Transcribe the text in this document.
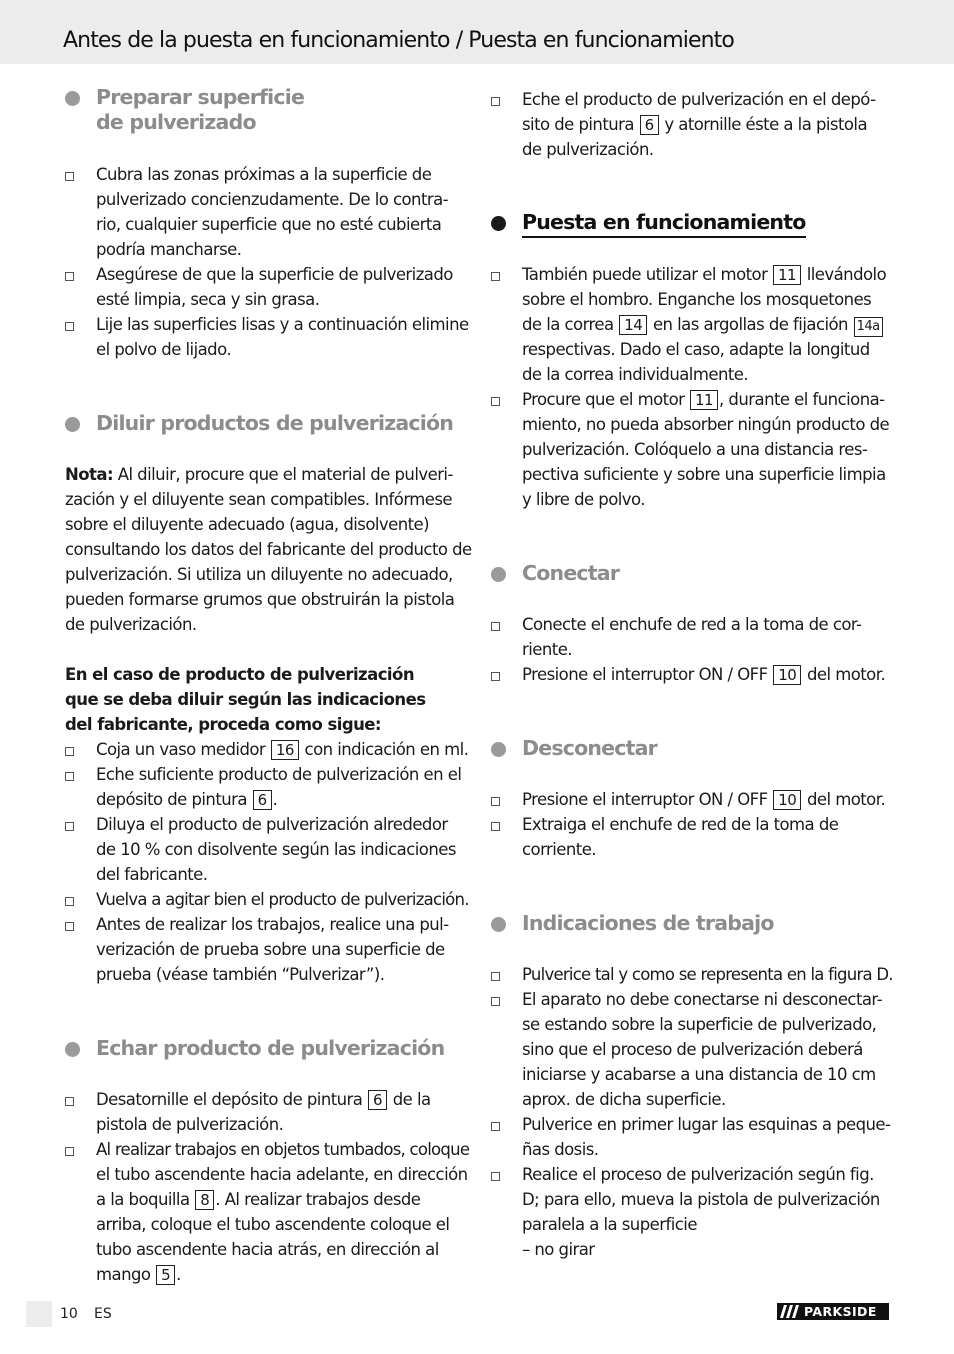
Antes de la puesta en funcionamiento / Puesta en funcionamiento
Preparar superficie
de pulverizado
Cubra las zonas próximas a la superficie de
pulverizado concienzudamente. De lo contra-
rio, cualquier superficie que no esté cubierta
podría mancharse.
Asegúrese de que la superficie de pulverizado
esté limpia, seca y sin grasa.
Lije las superficies lisas y a continuación elimine
el polvo de lijado.
Diluir productos de pulverización
Nota: Al diluir, procure que el material de pulveri-
zación y el diluyente sean compatibles. Infórmese
sobre el diluyente adecuado (agua, disolvente)
consultando los datos del fabricante del producto de
pulverización. Si utiliza un diluyente no adecuado,
pueden formarse grumos que obstruirán la pistola
de pulverización.
En el caso de producto de pulverización
que se deba diluir según las indicaciones
del fabricante, proceda como sigue:
Coja un vaso medidor 16 con indicación en ml.
Eche suficiente producto de pulverización en el
depósito de pintura 6 .
Diluya el producto de pulverización alrededor
de 10 % con disolvente según las indicaciones
del fabricante.
Vuelva a agitar bien el producto de pulverización.
Antes de realizar los trabajos, realice una pul-
verización de prueba sobre una superficie de
prueba (véase también “Pulverizar”).
Echar producto de pulverización
Desatornille el depósito de pintura 6 de la
pistola de pulverización.
Al realizar trabajos en objetos tumbados, coloque
el tubo ascendente hacia adelante, en dirección
a la boquilla 8 . Al realizar trabajos desde
arriba, coloque el tubo ascendente coloque el
tubo ascendente hacia atrás, en dirección al
mango 5 .
Eche el producto de pulverización en el depó-
sito de pintura 6 y atornille éste a la pistola
de pulverización.
Puesta en funcionamiento
También puede utilizar el motor 11 llevándolo
sobre el hombro. Enganche los mosquetones
de la correa 14 en las argollas de fijación 14a
respectivas. Dado el caso, adapte la longitud
de la correa individualmente.
Procure que el motor 11 , durante el funciona-
miento, no pueda absorber ningún producto de
pulverización. Colóquelo a una distancia res-
pectiva suficiente y sobre una superficie limpia
y libre de polvo.
Conectar
Conecte el enchufe de red a la toma de cor-
riente.
Presione el interruptor ON / OFF 10 del motor.
Desconectar
Presione el interruptor ON / OFF 10 del motor.
Extraiga el enchufe de red de la toma de
corriente.
Indicaciones de trabajo
Pulverice tal y como se representa en la figura D.
El aparato no debe conectarse ni desconectar-
se estando sobre la superficie de pulverizado,
sino que el proceso de pulverización deberá
iniciarse y acabarse a una distancia de 10 cm
aprox. de dicha superficie.
Pulverice en primer lugar las esquinas a peque-
ñas dosis.
Realice el proceso de pulverización según fig.
D; para ello, mueva la pistola de pulverización
paralela a la superficie
– no girar
10 ES	PARKSIDE
